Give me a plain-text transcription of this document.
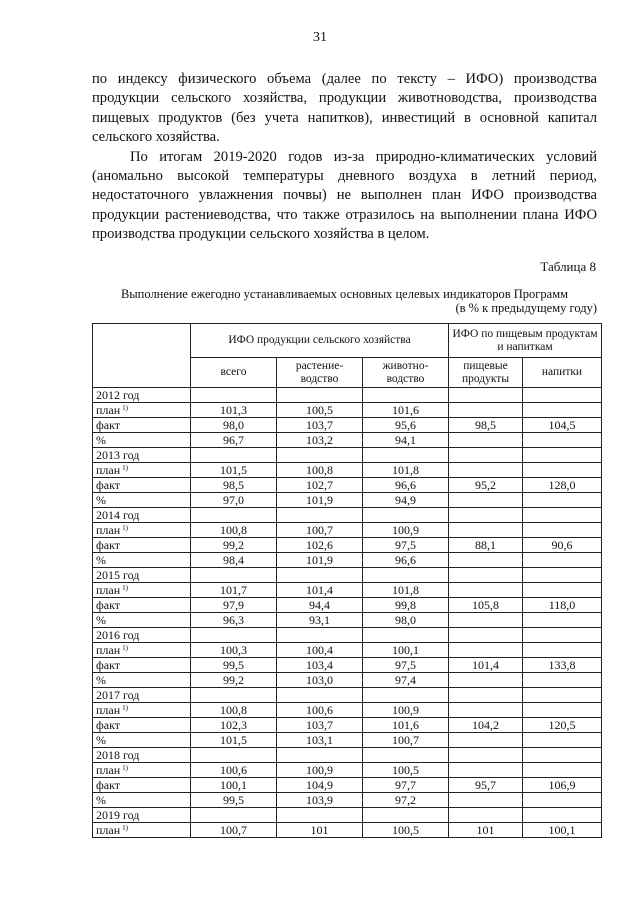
31

по индексу физического объема (далее по тексту – ИФО) производства продукции сельского хозяйства, продукции животноводства, производства пищевых продуктов (без учета напитков), инвестиций в основной капитал сельского хозяйства.

По итогам 2019-2020 годов из-за природно-климатических условий (аномально высокой температуры дневного воздуха в летний период, недостаточного увлажнения почвы) не выполнен план ИФО производства продукции растениеводства, что также отразилось на выполнении плана ИФО производства продукции сельского хозяйства в целом.

Таблица 8
Выполнение ежегодно устанавливаемых основных целевых индикаторов Программ
(в % к предыдущему году)
	ИФО продукции сельского хозяйства			ИФО по пищевым продуктам и напиткам	
	всего	растение-водство	животно-водство	пищевые продукты	напитки
2012 год					
план $^{1)}$	101,3	100,5	101,6		
факт	98,0	103,7	95,6	98,5	104,5
%	96,7	103,2	94,1		
2013 год					
план $^{1)}$	101,5	100,8	101,8		
факт	98,5	102,7	96,6	95,2	128,0
%	97,0	101,9	94,9		
2014 год					
план $^{1)}$	100,8	100,7	100,9		
факт	99,2	102,6	97,5	88,1	90,6
%	98,4	101,9	96,6		
2015 год					
план $^{1)}$	101,7	101,4	101,8		
факт	97,9	94,4	99,8	105,8	118,0
%	96,3	93,1	98,0		
2016 год					
план $^{1)}$	100,3	100,4	100,1		
факт	99,5	103,4	97,5	101,4	133,8
%	99,2	103,0	97,4		
2017 год					
план $^{1)}$	100,8	100,6	100,9		
факт	102,3	103,7	101,6	104,2	120,5
%	101,5	103,1	100,7		
2018 год					
план $^{1)}$	100,6	100,9	100,5		
факт	100,1	104,9	97,7	95,7	106,9
%	99,5	103,9	97,2		
2019 год					
план $^{1)}$	100,7	101	100,5	101	100,1
